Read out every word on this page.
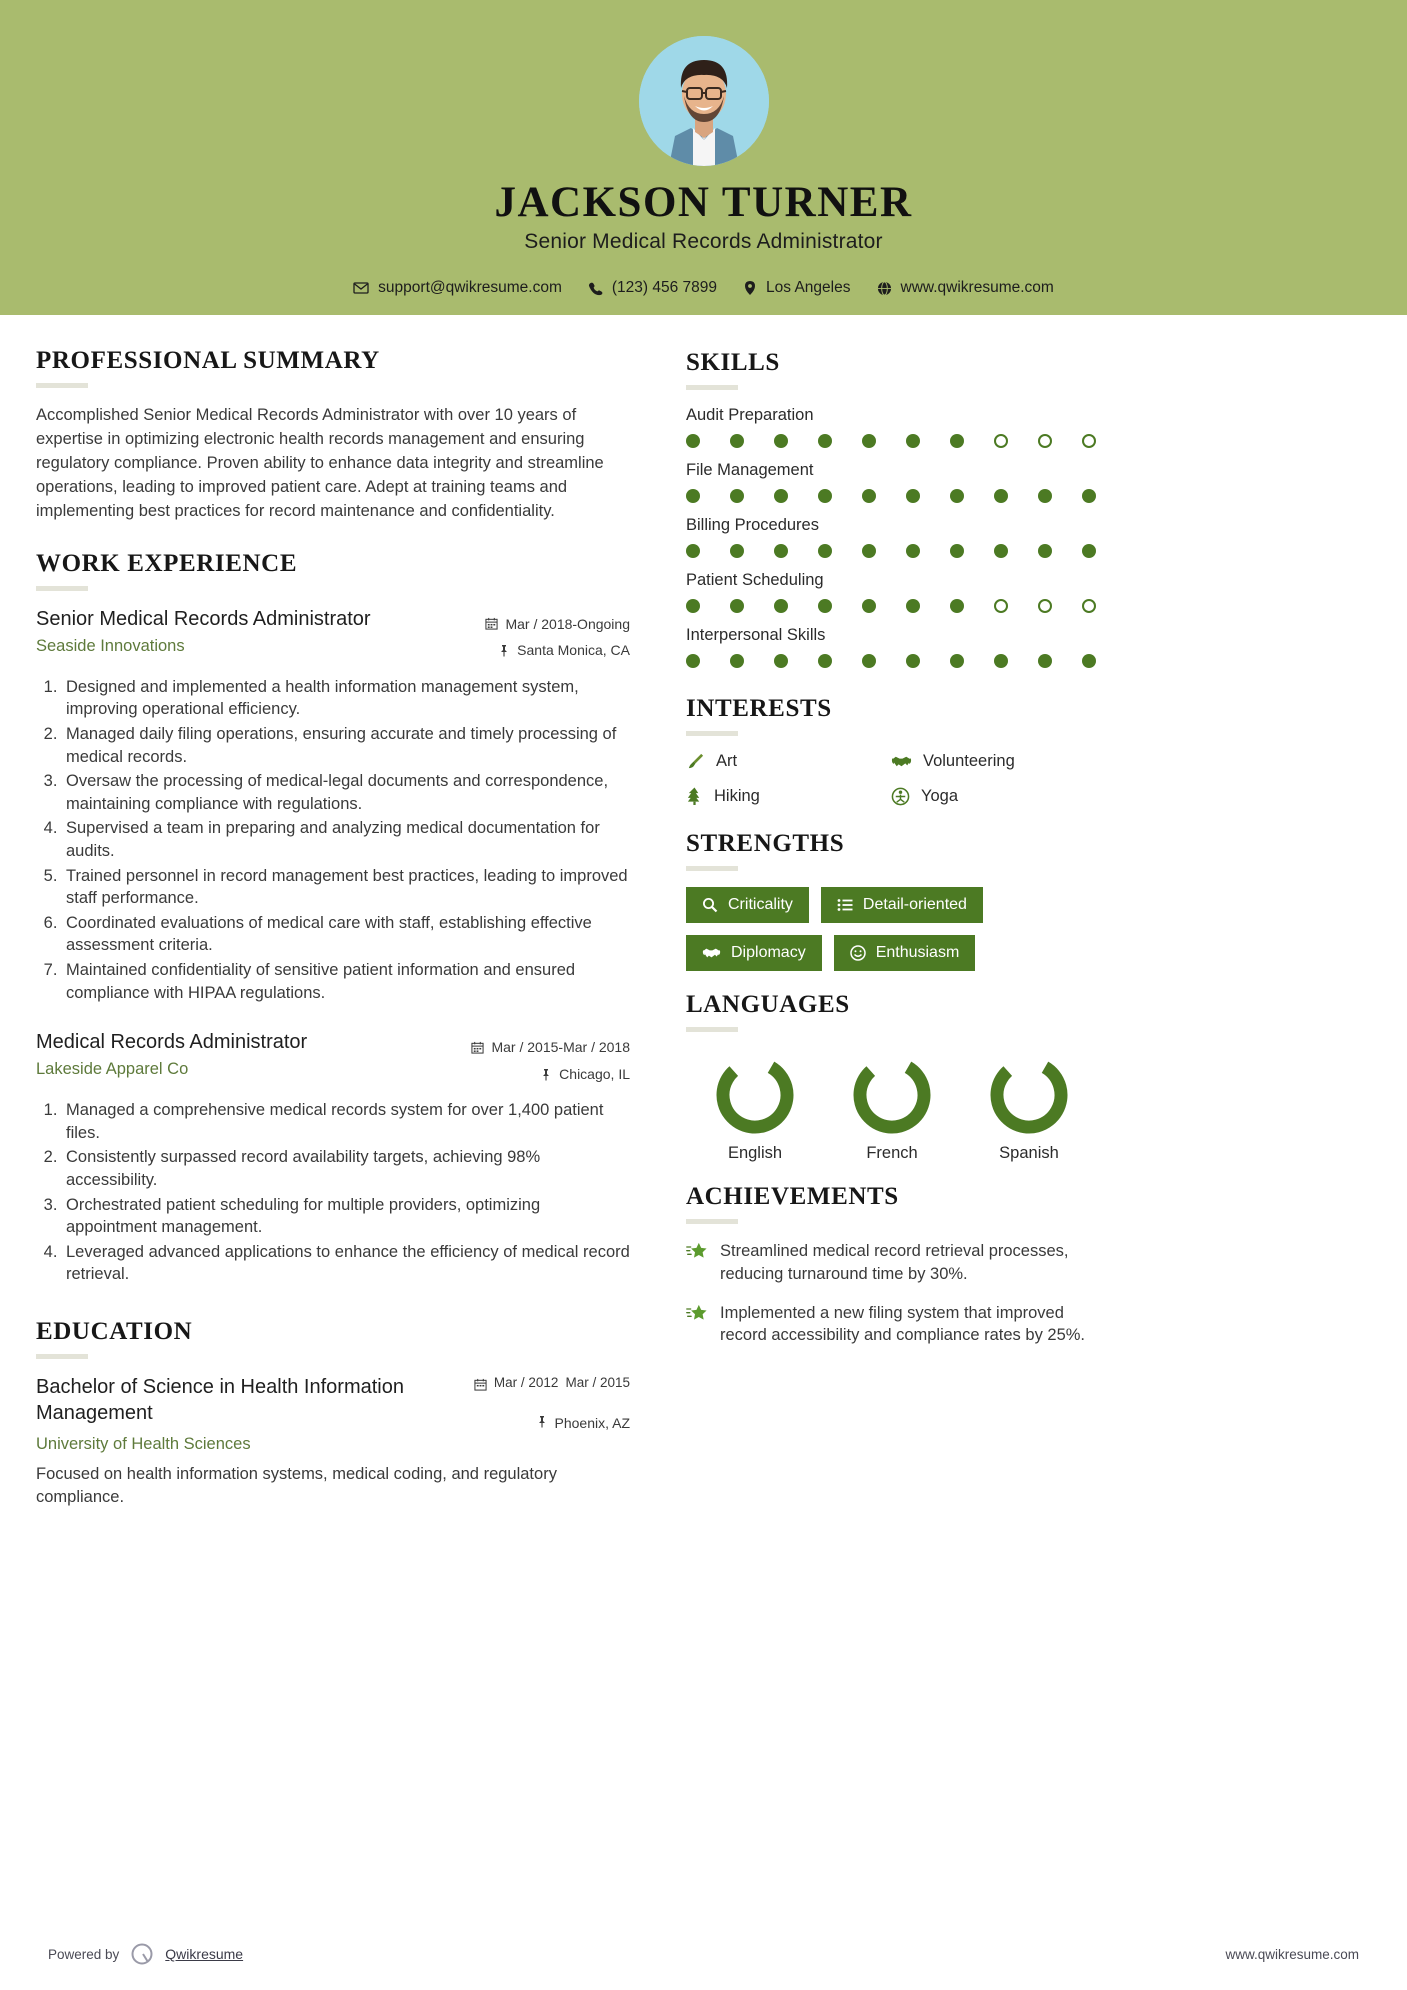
JACKSON TURNER
Senior Medical Records Administrator
support@qwikresume.com	(123) 456 7899	Los Angeles	www.qwikresume.com
PROFESSIONAL SUMMARY
Accomplished Senior Medical Records Administrator with over 10 years of expertise in optimizing electronic health records management and ensuring regulatory compliance. Proven ability to enhance data integrity and streamline operations, leading to improved patient care. Adept at training teams and implementing best practices for record maintenance and confidentiality.
WORK EXPERIENCE
Senior Medical Records Administrator
Seaside Innovations
Mar / 2018-Ongoing
Santa Monica, CA
1. Designed and implemented a health information management system, improving operational efficiency.
2. Managed daily filing operations, ensuring accurate and timely processing of medical records.
3. Oversaw the processing of medical-legal documents and correspondence, maintaining compliance with regulations.
4. Supervised a team in preparing and analyzing medical documentation for audits.
5. Trained personnel in record management best practices, leading to improved staff performance.
6. Coordinated evaluations of medical care with staff, establishing effective assessment criteria.
7. Maintained confidentiality of sensitive patient information and ensured compliance with HIPAA regulations.
Medical Records Administrator
Lakeside Apparel Co
Mar / 2015-Mar / 2018
Chicago, IL
1. Managed a comprehensive medical records system for over 1,400 patient files.
2. Consistently surpassed record availability targets, achieving 98% accessibility.
3. Orchestrated patient scheduling for multiple providers, optimizing appointment management.
4. Leveraged advanced applications to enhance the efficiency of medical record retrieval.
EDUCATION
Bachelor of Science in Health Information Management
University of Health Sciences
Mar / 2012 Mar / 2015
Phoenix, AZ
Focused on health information systems, medical coding, and regulatory compliance.
SKILLS
Audit Preparation
File Management
Billing Procedures
Patient Scheduling
Interpersonal Skills
INTERESTS
Art	Volunteering
Hiking	Yoga
STRENGTHS
Criticality	Detail-oriented
Diplomacy	Enthusiasm
LANGUAGES
English	French	Spanish
ACHIEVEMENTS
Streamlined medical record retrieval processes, reducing turnaround time by 30%.
Implemented a new filing system that improved record accessibility and compliance rates by 25%.
Powered by	Qwikresume	www.qwikresume.com
